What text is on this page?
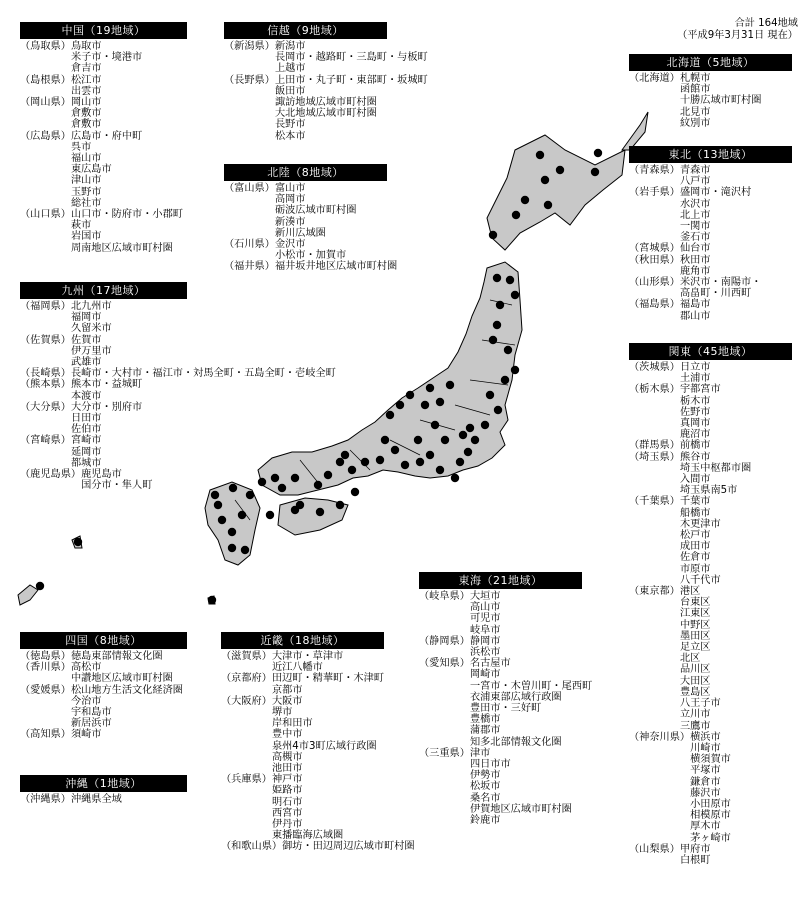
合計 164地域
（平成9年3月31日 現在）
中国（19地域）
（鳥取県） 鳥取市
米子市・境港市
倉吉市
（島根県） 松江市
出雲市
（岡山県） 岡山市
倉敷市
倉敷市
（広島県） 広島市・府中町
呉市
福山市
東広島市
津山市
玉野市
総社市
（山口県） 山口市・防府市・小郡町
萩市
岩国市
周南地区広域市町村圏
信越（9地域）
（新潟県） 新潟市
長岡市・越路町・三島町・与板町
上越市
（長野県） 上田市・丸子町・東部町・坂城町
飯田市
諏訪地域広域市町村圏
大北地域広域市町村圏
長野市
松本市
北陸（8地域）
（富山県） 富山市
高岡市
砺波広域市町村圏
新湊市
新川広域圏
（石川県） 金沢市
小松市・加賀市
（福井県） 福井坂井地区広域市町村圏
北海道（5地域）
（北海道） 札幌市
函館市
十勝広域市町村圏
北見市
紋別市
東北（13地域）
（青森県） 青森市
八戸市
（岩手県） 盛岡市・滝沢村
水沢市
北上市
一関市
釜石市
（宮城県） 仙台市
（秋田県） 秋田市
鹿角市
（山形県） 米沢市・南陽市・
高畠町・川西町
（福島県） 福島市
郡山市
九州（17地域）
（福岡県） 北九州市
福岡市
久留米市
（佐賀県） 佐賀市
伊万里市
武雄市
（長崎県） 長崎市・大村市・福江市・対馬全町・五島全町・壱岐全町
（熊本県） 熊本市・益城町
本渡市
（大分県） 大分市・別府市
日田市
佐伯市
（宮崎県） 宮崎市
延岡市
都城市
（鹿児島県） 鹿児島市
国分市・隼人町
関東（45地域）
（茨城県） 日立市
土浦市
（栃木県） 宇都宮市
栃木市
佐野市
真岡市
鹿沼市
（群馬県） 前橋市
（埼玉県） 熊谷市
埼玉中枢都市圏
入間市
埼玉県南5市
（千葉県） 千葉市
船橋市
木更津市
松戸市
成田市
佐倉市
市原市
八千代市
（東京都） 港区
台東区
江東区
中野区
墨田区
足立区
北区
品川区
大田区
豊島区
八王子市
立川市
三鷹市
（神奈川県） 横浜市
川崎市
横須賀市
平塚市
鎌倉市
藤沢市
小田原市
相模原市
厚木市
茅ヶ崎市
（山梨県） 甲府市
白根町
東海（21地域）
（岐阜県） 大垣市
高山市
可児市
岐阜市
（静岡県） 静岡市
浜松市
（愛知県） 名古屋市
岡崎市
一宮市・木曽川町・尾西町
衣浦東部広域行政圏
豊田市・三好町
豊橋市
蒲郡市
知多北部情報文化圏
（三重県） 津市
四日市市
伊勢市
松坂市
桑名市
伊賀地区広域市町村圏
鈴鹿市
四国（8地域）
（徳島県） 徳島東部情報文化圏
（香川県） 高松市
中讃地区広域市町村圏
（愛媛県） 松山地方生活文化経済圏
今治市
宇和島市
新居浜市
（高知県） 須崎市
近畿（18地域）
（滋賀県） 大津市・草津市
近江八幡市
（京都府） 田辺町・精華町・木津町
京都市
（大阪府） 大阪市
堺市
岸和田市
豊中市
泉州4市3町広域行政圏
高槻市
池田市
（兵庫県） 神戸市
姫路市
明石市
西宮市
伊丹市
東播臨海広域圏
（和歌山県） 御坊・田辺周辺広域市町村圏
沖縄（1地域）
（沖縄県） 沖縄県全域
